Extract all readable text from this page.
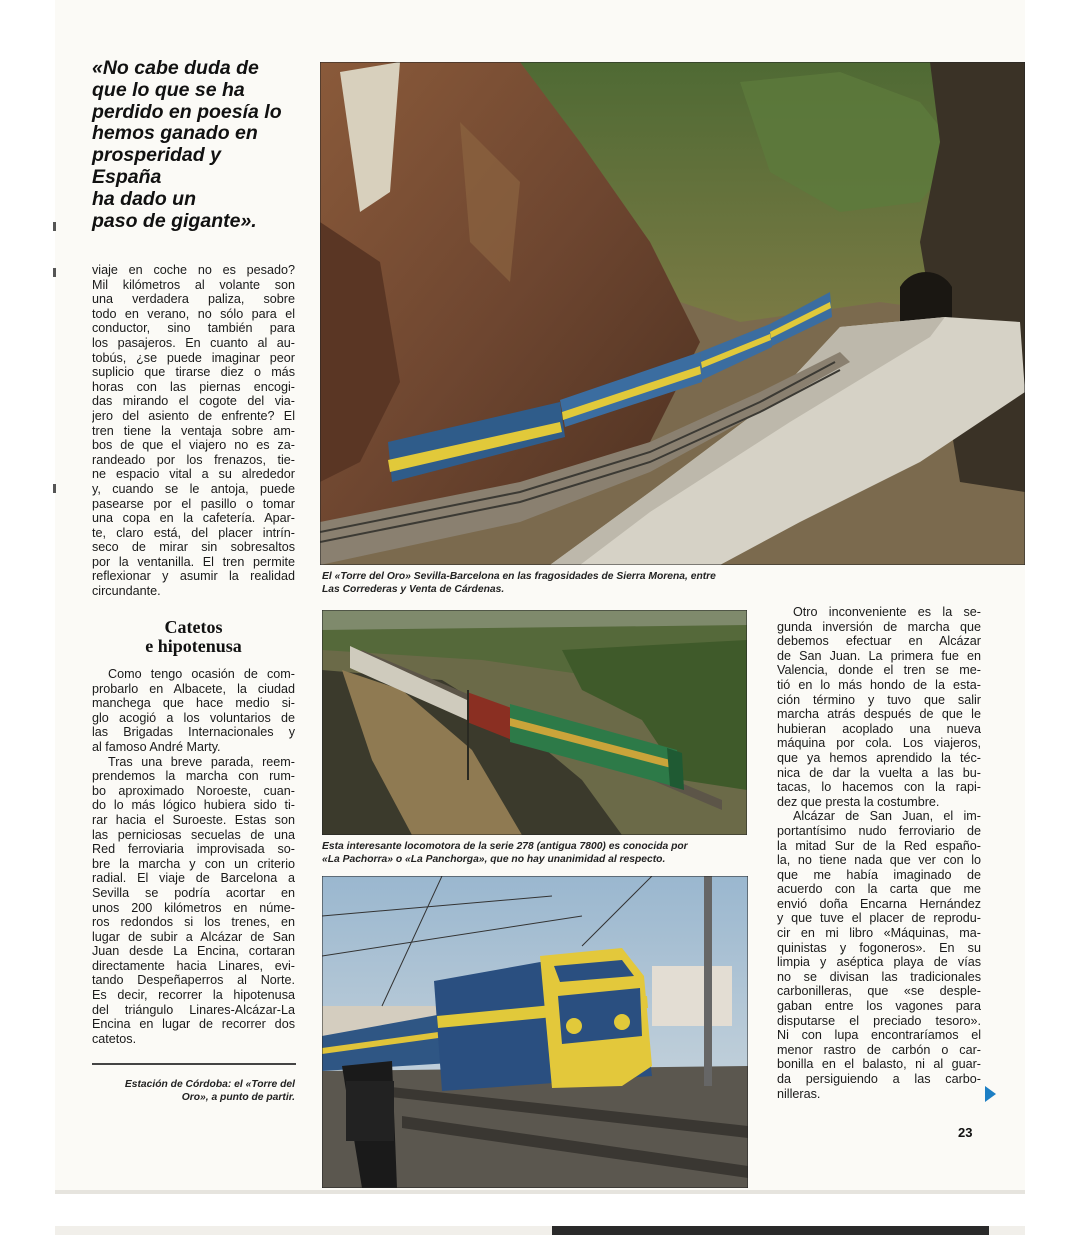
«No cabe duda de
que lo que se ha
perdido en poesía lo
hemos ganado en
prosperidad y
España
ha dado un
paso de gigante».
viaje en coche no es pesado?
Mil kilómetros al volante son
una verdadera paliza, sobre
todo en verano, no sólo para el
conductor, sino también para
los pasajeros. En cuanto al au-
tobús, ¿se puede imaginar peor
suplicio que tirarse diez o más
horas con las piernas encogi-
das mirando el cogote del via-
jero del asiento de enfrente? El
tren tiene la ventaja sobre am-
bos de que el viajero no es za-
randeado por los frenazos, tie-
ne espacio vital a su alrededor
y, cuando se le antoja, puede
pasearse por el pasillo o tomar
una copa en la cafetería. Apar-
te, claro está, del placer intrín-
seco de mirar sin sobresaltos
por la ventanilla. El tren permite
reflexionar y asumir la realidad
circundante.
Catetos
e hipotenusa
Como tengo ocasión de com-
probarlo en Albacete, la ciudad
manchega que hace medio si-
glo acogió a los voluntarios de
las Brigadas Internacionales y
al famoso André Marty.
Tras una breve parada, reem-
prendemos la marcha con rum-
bo aproximado Noroeste, cuan-
do lo más lógico hubiera sido ti-
rar hacia el Suroeste. Estas son
las perniciosas secuelas de una
Red ferroviaria improvisada so-
bre la marcha y con un criterio
radial. El viaje de Barcelona a
Sevilla se podría acortar en
unos 200 kilómetros en núme-
ros redondos si los trenes, en
lugar de subir a Alcázar de San
Juan desde La Encina, cortaran
directamente hacia Linares, evi-
tando Despeñaperros al Norte.
Es decir, recorrer la hipotenusa
del triángulo Linares-Alcázar-La
Encina en lugar de recorrer dos
catetos.
Otro inconveniente es la se-
gunda inversión de marcha que
debemos efectuar en Alcázar
de San Juan. La primera fue en
Valencia, donde el tren se me-
tió en lo más hondo de la esta-
ción término y tuvo que salir
marcha atrás después de que le
hubieran acoplado una nueva
máquina por cola. Los viajeros,
que ya hemos aprendido la téc-
nica de dar la vuelta a las bu-
tacas, lo hacemos con la rapi-
dez que presta la costumbre.
Alcázar de San Juan, el im-
portantísimo nudo ferroviario de
la mitad Sur de la Red españo-
la, no tiene nada que ver con lo
que me había imaginado de
acuerdo con la carta que me
envió doña Encarna Hernández
y que tuve el placer de reprodu-
cir en mi libro «Máquinas, ma-
quinistas y fogoneros». En su
limpia y aséptica playa de vías
no se divisan las tradicionales
carbonilleras, que «se desple-
gaban entre los vagones para
disputarse el preciado tesoro».
Ni con lupa encontraríamos el
menor rastro de carbón o car-
bonilla en el balasto, ni al guar-
da persiguiendo a las carbo-
nilleras.
El «Torre del Oro» Sevilla-Barcelona en las fragosidades de Sierra Morena, entre
Las Correderas y Venta de Cárdenas.
Esta interesante locomotora de la serie 278 (antigua 7800) es conocida por
«La Pachorra» o «La Panchorga», que no hay unanimidad al respecto.
Estación de Córdoba: el «Torre del
Oro», a punto de partir.
23
